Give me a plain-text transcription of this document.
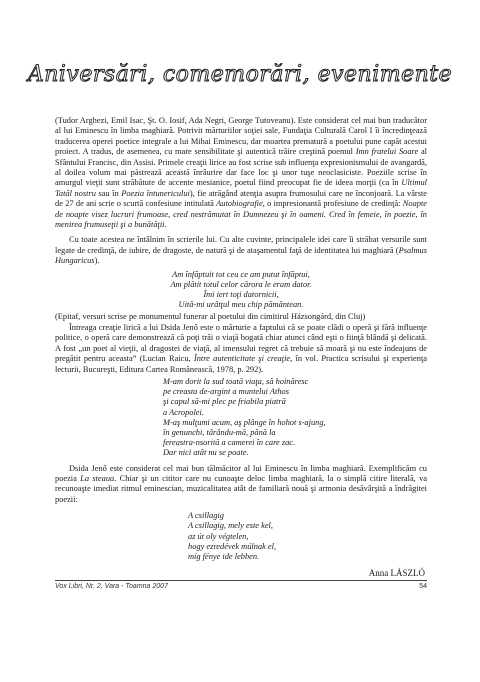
Aniversări, comemorări, evenimente

(Tudor Arghezi, Emil Isac, Şt. O. Iosif, Ada Negri, George Tutoveanu). Este considerat cel mai bun traducător al lui Eminescu în limba maghiară. Potrivit mărturiilor soţiei sale, Fundaţia Culturală Carol I îi încredinţează traducerea operei poetice integrale a lui Mihai Eminescu, dar moartea prematură a poetului pune capăt acestui proiect. A tradus, de asemenea, cu mare sensibilitate şi autentică trăire creştină poemul Imn fratelui Soare al Sfântului Francisc, din Assisi. Primele creaţii lirice au fost scrise sub influenţa expresionismului de avangardă, al doilea volum mai păstrează această înrâurire dar face loc şi unor tuşe neoclasiciste. Poeziile scrise în amurgul vieţii sunt străbătute de accente mesianice, poetul fiind preocupat fie de ideea morţii (ca în Ultimul Tatăl nostru sau în Poezia întunericului), fie atrăgând atenţia asupra frumosului care ne înconjoară. La vârste de 27 de ani scrie o scurtă confesiune intitulată Autobiografie, o impresionantă profesiune de credinţă: Noapte de noapte visez lucruri frumoase, cred nestrămutat în Dumnezeu şi în oameni. Cred în femeie, în poezie, în menirea frumuseţii şi a bunătăţii.

Cu toate acestea ne întâlnim în scrierile lui. Cu alte cuvinte, principalele idei care îi străbat versurile sunt legate de credinţă, de iubire, de dragoste, de natură şi de ataşamentul faţă de identitatea lui maghiară (Psalmus Hungaricus).

Am înfăptuit tot ceu ce am putut înfăptui,
Am plătit totul celor cărora le eram dator.
Îmi iert toţi datornicii,
Uită-mi urâtţul meu chip pământean.

(Epitaf, versuri scrise pe monumentul funerar al poetului din cimitirul Házsongárd, din Cluj)

Întreaga creaţie lirică a lui Dsida Jenő este o mărturie a faptului că se poate clădi o operă şi fără influenţe politice, o operă care demonstrează că poţi trăi o viaţă bogată chiar atunci când eşti o fiinţă blândă şi delicată. A fost „un poet al vieţii, al dragostei de viaţă, al imensului regret că trebuie să moară şi nu este îndeajuns de pregătit pentru aceasta” (Lucian Raicu, Între autenticitate şi creaţie, în vol. Practica scrisului şi experienţa lecturii, Bucureşti, Editura Cartea Românească, 1978, p. 292).

M-am dorit la sud toată viaţa, să hoinăresc
pe creasta de-argint a muntelui Athos
şi capul să-mi plec pe friabila piatră
a Acropolei.
M-aş mulţumi acum, aş plânge în hohot s-ajung,
în genunchi, târându-mă, până la
fereastra-nsorită a camerei în care zac.
Dar nici atât nu se poate.

Dsida Jenő este considerat cel mai bun tălmăcitor al lui Eminescu în limba maghiară. Exemplificăm cu poezia La steaua. Chiar şi un cititor care nu cunoaşte deloc limba maghiară, la o simplă citire literală, va recunoaşte imediat ritmul eminescian, muzicalitatea atât de familiară nouă şi armonia desăvârşită a îndrăgitei poezii:

A csillagig
A csillagig, mely este kel,
az út oly végtelen,
hogy ezredévek múlnak el,
míg fénye ide lebben.
Anna LÁSZLÓ
Vox Libri, Nr. 2, Vara - Toamna 2007	54
